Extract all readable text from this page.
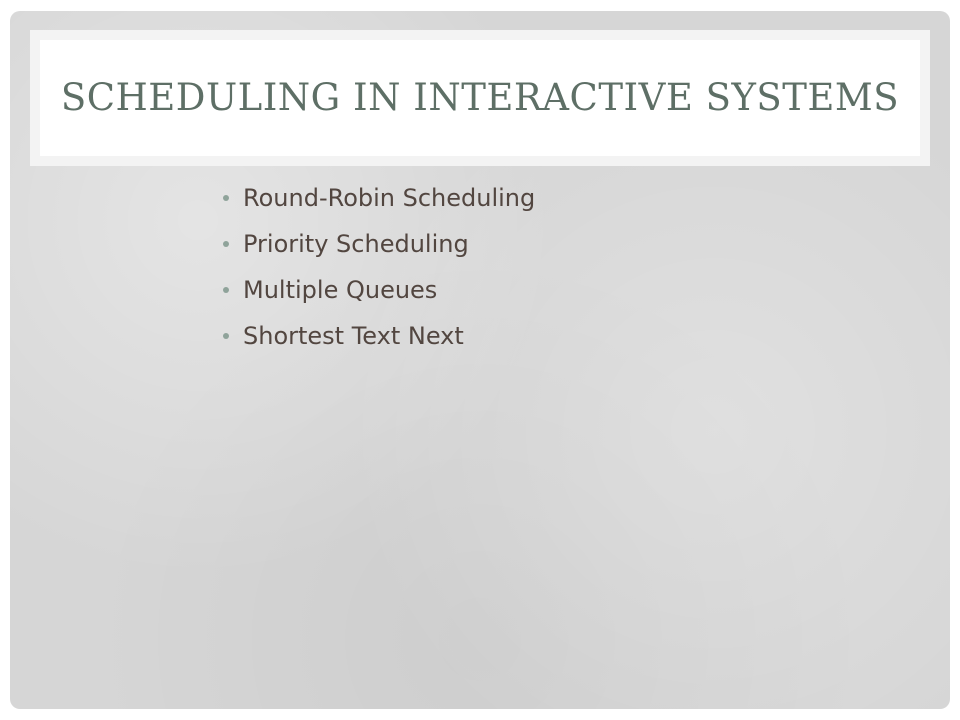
SCHEDULING IN INTERACTIVE SYSTEMS
Round-Robin Scheduling
Priority Scheduling
Multiple Queues
Shortest Text Next
